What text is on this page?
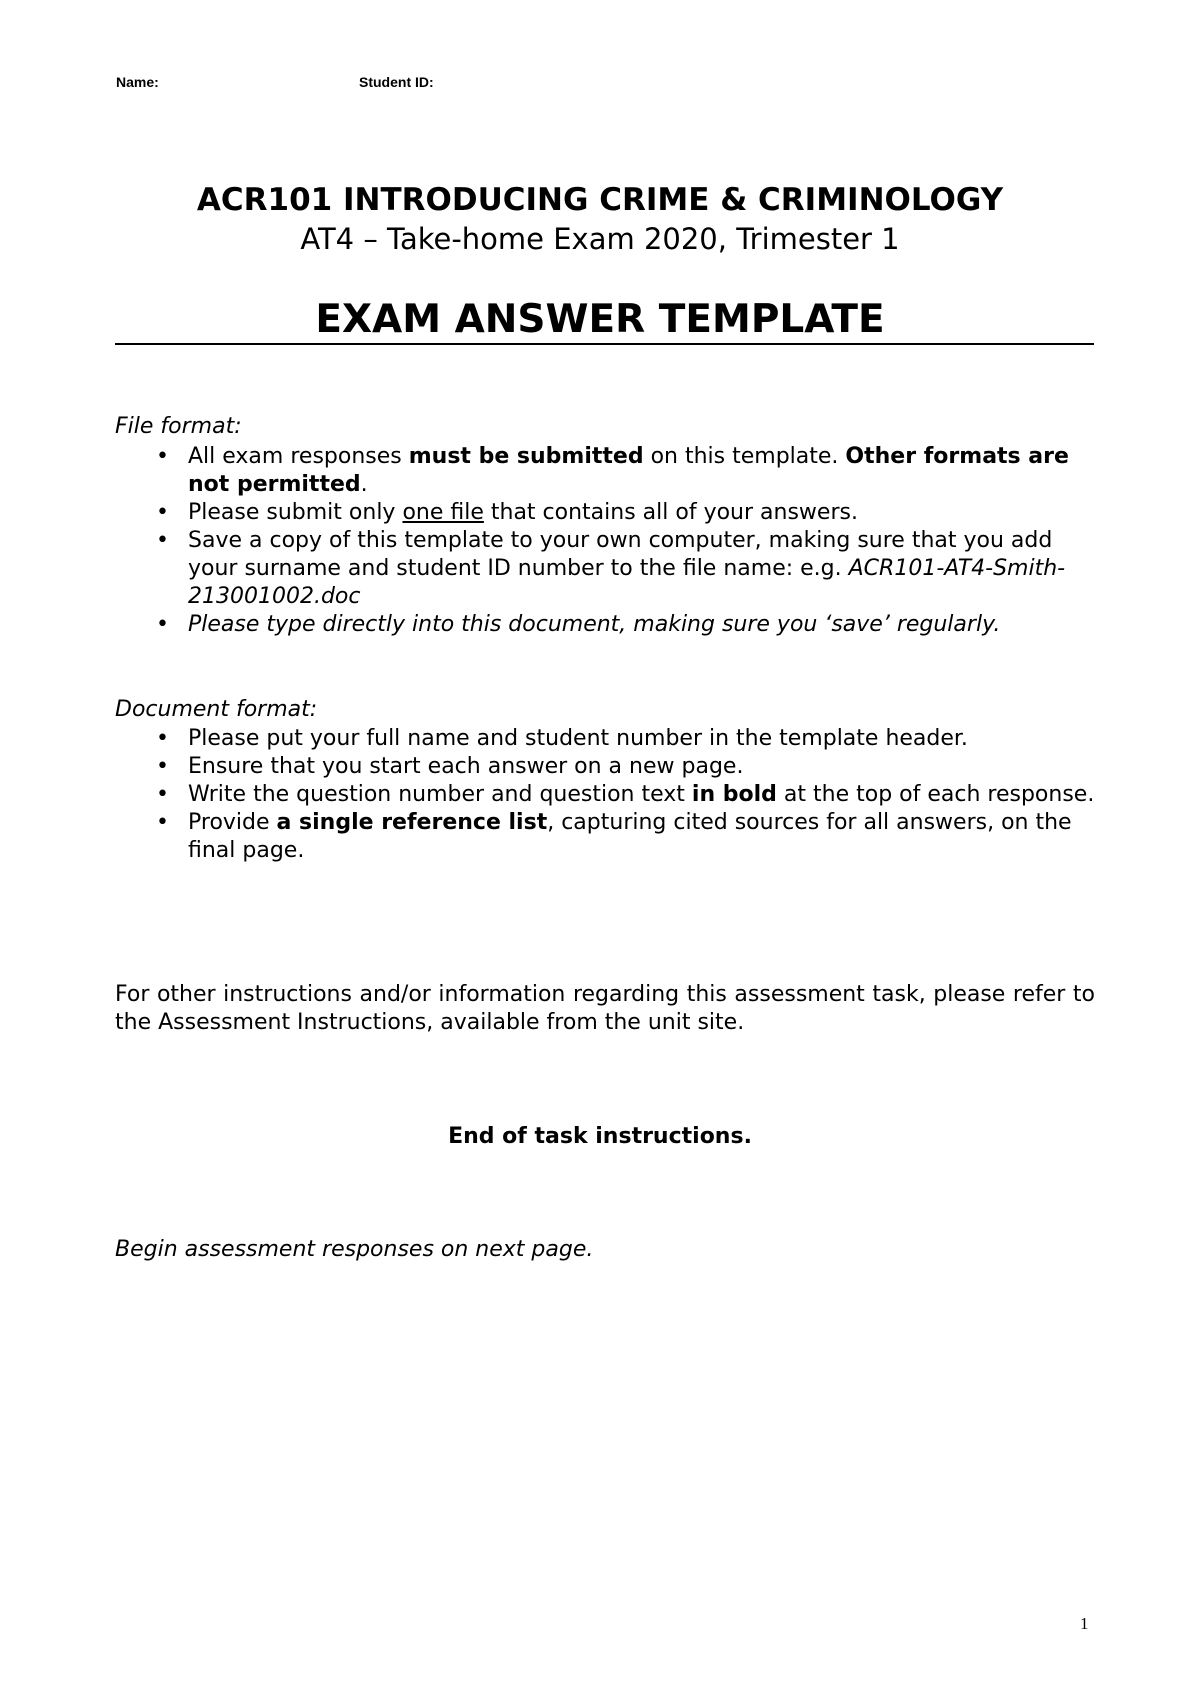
Name:	Student ID:
ACR101 INTRODUCING CRIME & CRIMINOLOGY
AT4 – Take-home Exam 2020, Trimester 1
EXAM ANSWER TEMPLATE
File format:
• All exam responses must be submitted on this template. Other formats are not permitted.
• Please submit only one file that contains all of your answers.
• Save a copy of this template to your own computer, making sure that you add your surname and student ID number to the file name: e.g. ACR101-AT4-Smith-213001002.doc
• Please type directly into this document, making sure you ‘save’ regularly.
Document format:
• Please put your full name and student number in the template header.
• Ensure that you start each answer on a new page.
• Write the question number and question text in bold at the top of each response.
• Provide a single reference list, capturing cited sources for all answers, on the final page.
For other instructions and/or information regarding this assessment task, please refer to the Assessment Instructions, available from the unit site.
End of task instructions.
Begin assessment responses on next page.
1
